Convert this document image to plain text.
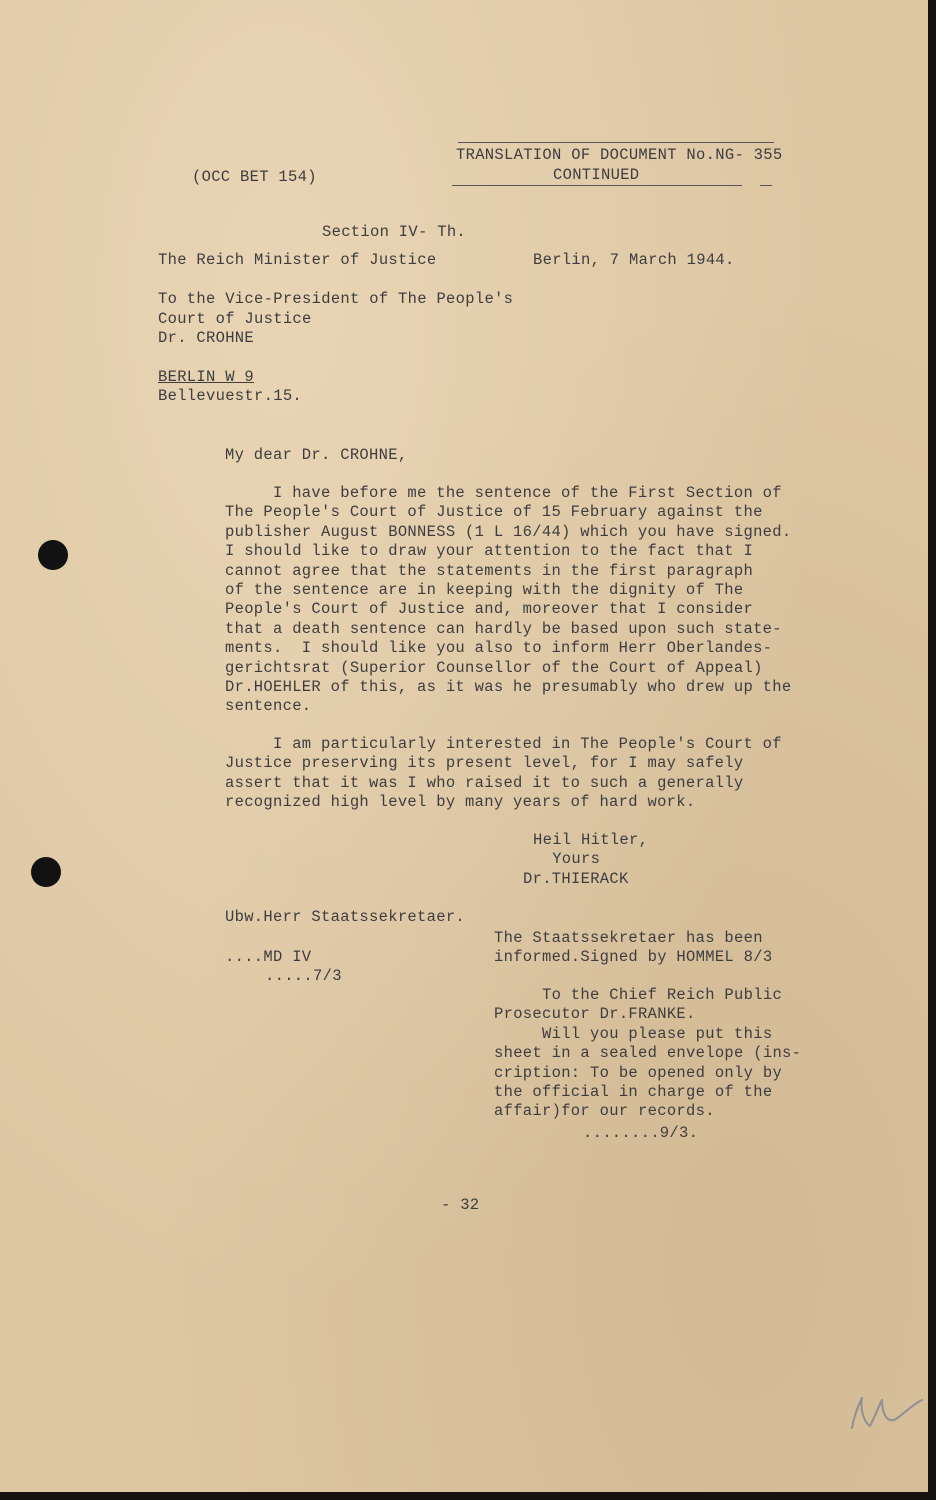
(OCC BET 154)
TRANSLATION OF DOCUMENT No.NG- 355
CONTINUED
Section IV- Th.
The Reich Minister of Justice	Berlin, 7 March 1944.
To the Vice-President of The People's
Court of Justice
Dr. CROHNE
BERLIN W 9
Bellevuestr.15.
My dear Dr. CROHNE,
I have before me the sentence of the First Section of
The People's Court of Justice of 15 February against the
publisher August BONNESS (1 L 16/44) which you have signed.
I should like to draw your attention to the fact that I
cannot agree that the statements in the first paragraph
of the sentence are in keeping with the dignity of The
People's Court of Justice and, moreover that I consider
that a death sentence can hardly be based upon such state-
ments.  I should like you also to inform Herr Oberlandes-
gerichtsrat (Superior Counsellor of the Court of Appeal)
Dr.HOEHLER of this, as it was he presumably who drew up the
sentence.
I am particularly interested in The People's Court of
Justice preserving its present level, for I may safely
assert that it was I who raised it to such a generally
recognized high level by many years of hard work.
Heil Hitler,
Yours
Dr.THIERACK
Ubw.Herr Staatssekretaer.
....MD IV
.....7/3
The Staatssekretaer has been
informed.Signed by HOMMEL 8/3
To the Chief Reich Public
Prosecutor Dr.FRANKE.
Will you please put this
sheet in a sealed envelope (ins-
cription: To be opened only by
the official in charge of the
affair)for our records.
........9/3.
- 32
